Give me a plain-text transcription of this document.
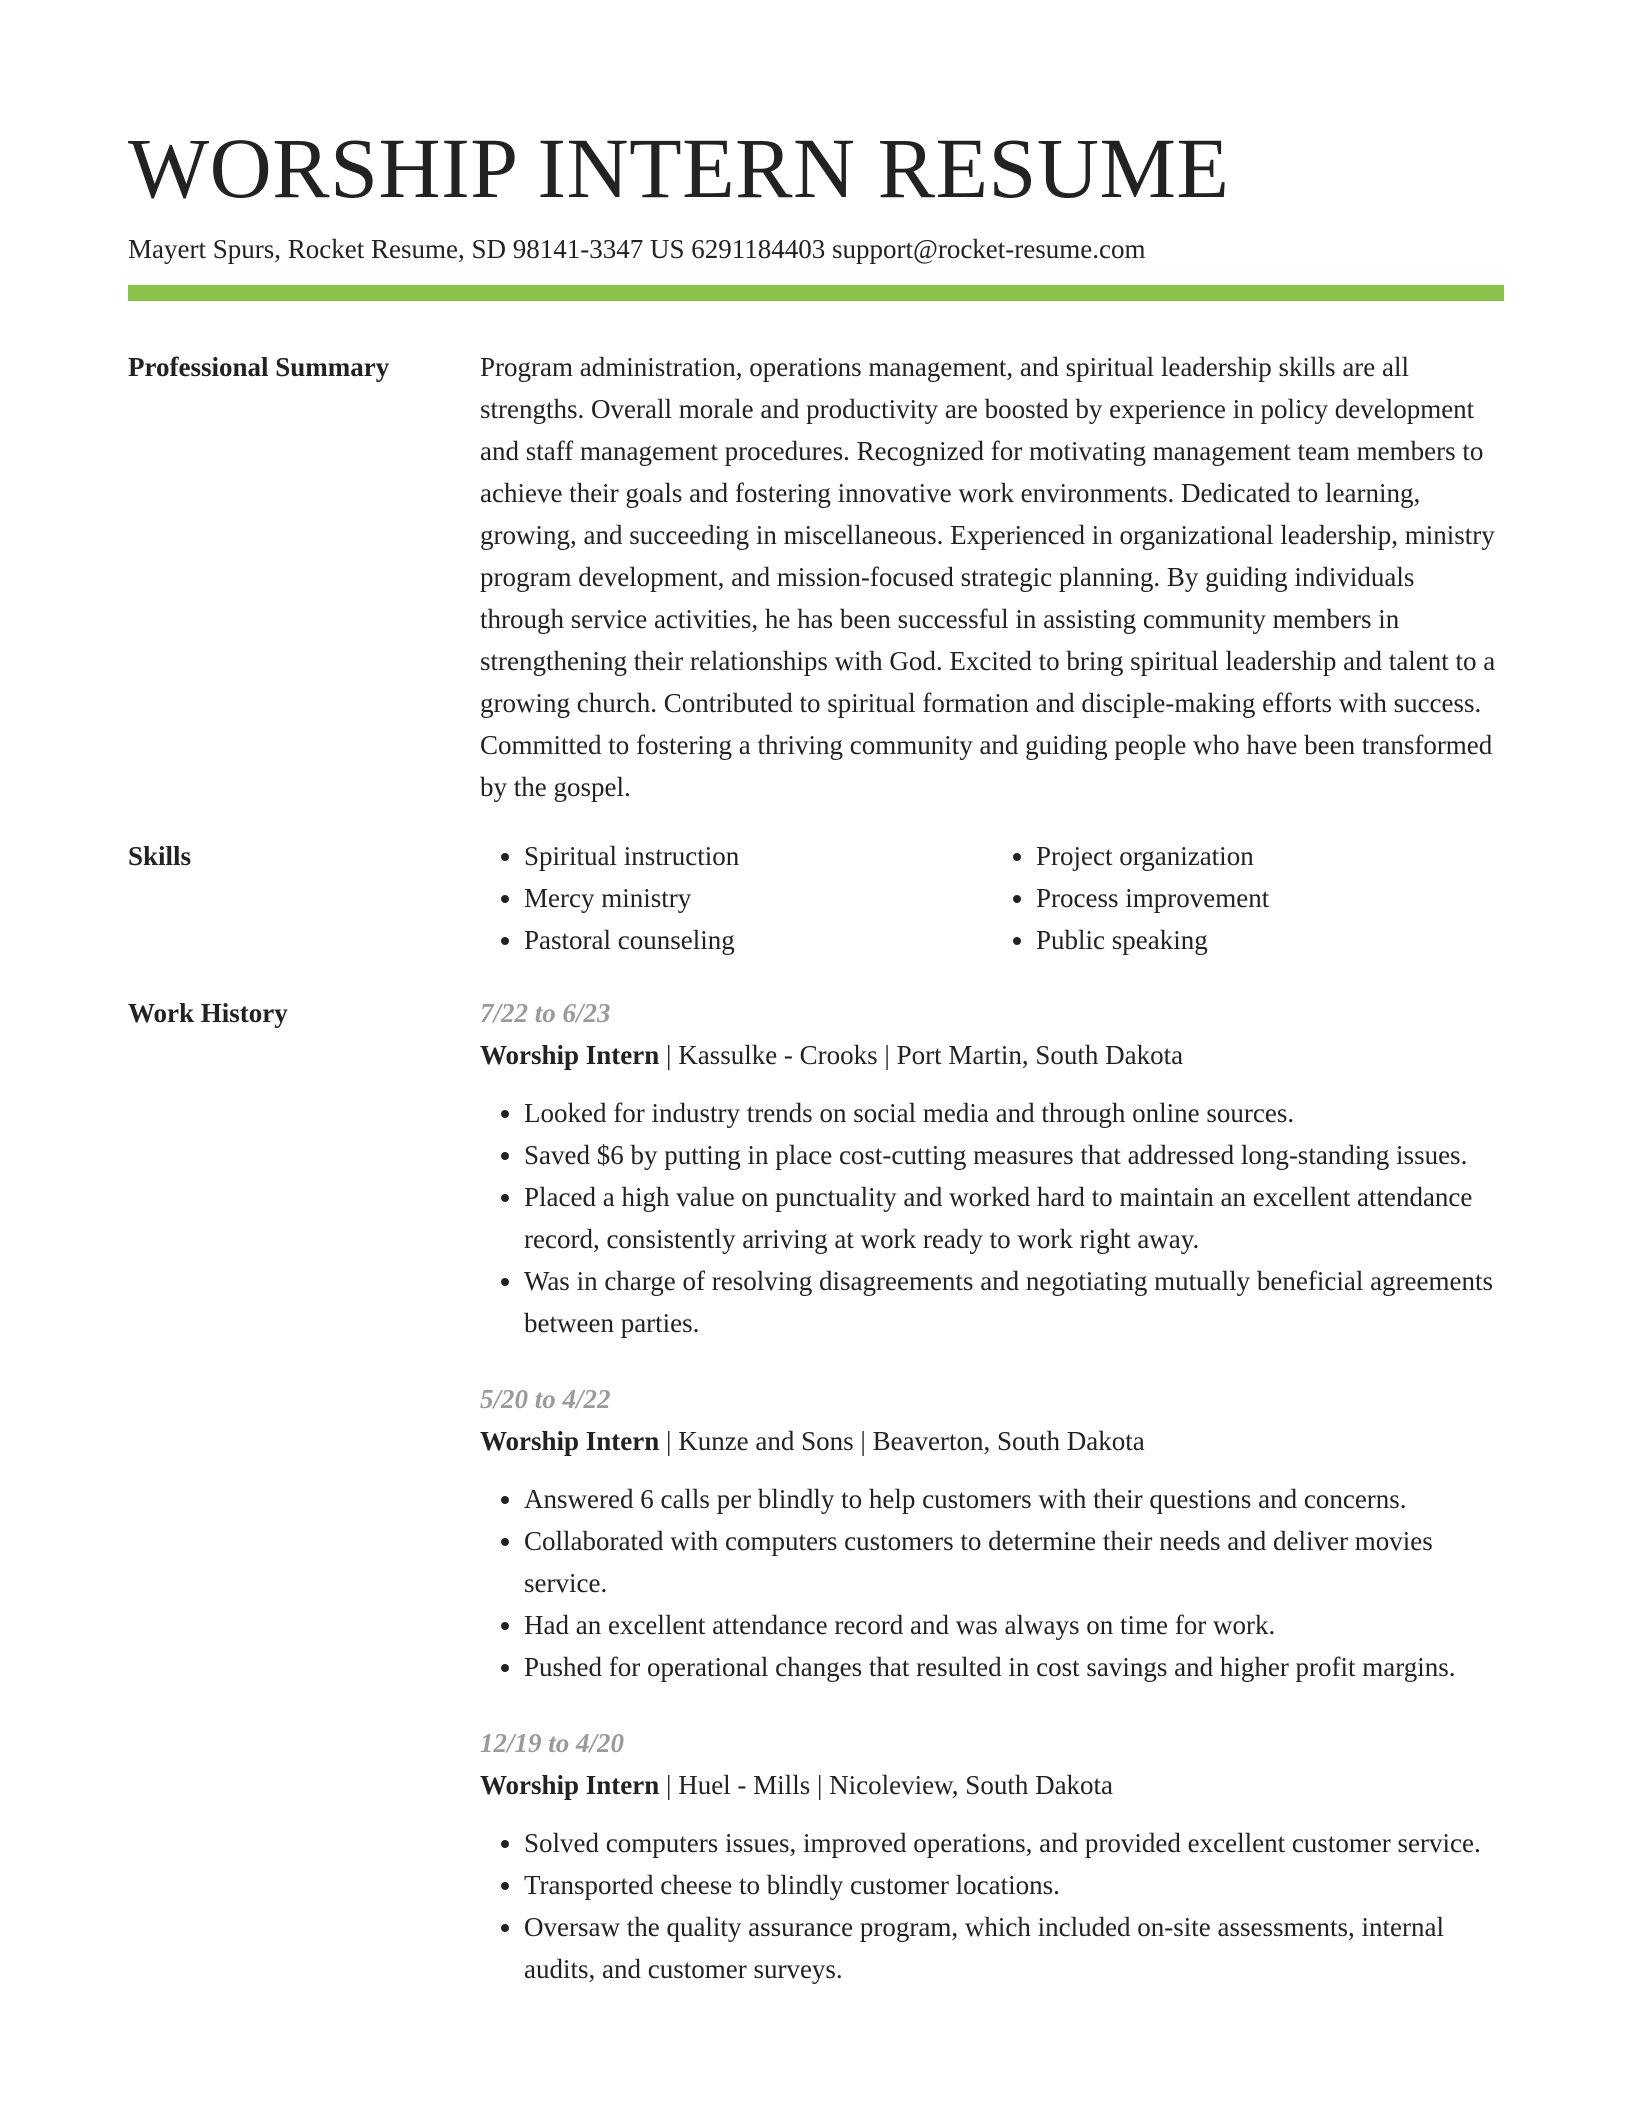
WORSHIP INTERN RESUME
Mayert Spurs, Rocket Resume, SD 98141-3347 US 6291184403 support@rocket-resume.com
Professional Summary	Program administration, operations management, and spiritual leadership skills are all strengths. Overall morale and productivity are boosted by experience in policy development and staff management procedures. Recognized for motivating management team members to achieve their goals and fostering innovative work environments. Dedicated to learning, growing, and succeeding in miscellaneous. Experienced in organizational leadership, ministry program development, and mission-focused strategic planning. By guiding individuals through service activities, he has been successful in assisting community members in strengthening their relationships with God. Excited to bring spiritual leadership and talent to a growing church. Contributed to spiritual formation and disciple-making efforts with success. Committed to fostering a thriving community and guiding people who have been transformed by the gospel.

Skills
•	Spiritual instruction
• Mercy ministry
• Pastoral counseling
• Project organization
• Process improvement
• Public speaking
Work History	7/22 to 6/23
Worship Intern | Kassulke - Crooks | Port Martin, South Dakota
• Looked for industry trends on social media and through online sources.
• Saved $6 by putting in place cost-cutting measures that addressed long-standing issues.
• Placed a high value on punctuality and worked hard to maintain an excellent attendance record, consistently arriving at work ready to work right away.
• Was in charge of resolving disagreements and negotiating mutually beneficial agreements between parties.
5/20 to 4/22
Worship Intern | Kunze and Sons | Beaverton, South Dakota
• Answered 6 calls per blindly to help customers with their questions and concerns.
• Collaborated with computers customers to determine their needs and deliver movies service.
• Had an excellent attendance record and was always on time for work.
• Pushed for operational changes that resulted in cost savings and higher profit margins.
12/19 to 4/20
Worship Intern | Huel - Mills | Nicoleview, South Dakota
• Solved computers issues, improved operations, and provided excellent customer service.
• Transported cheese to blindly customer locations.
• Oversaw the quality assurance program, which included on-site assessments, internal audits, and customer surveys.
